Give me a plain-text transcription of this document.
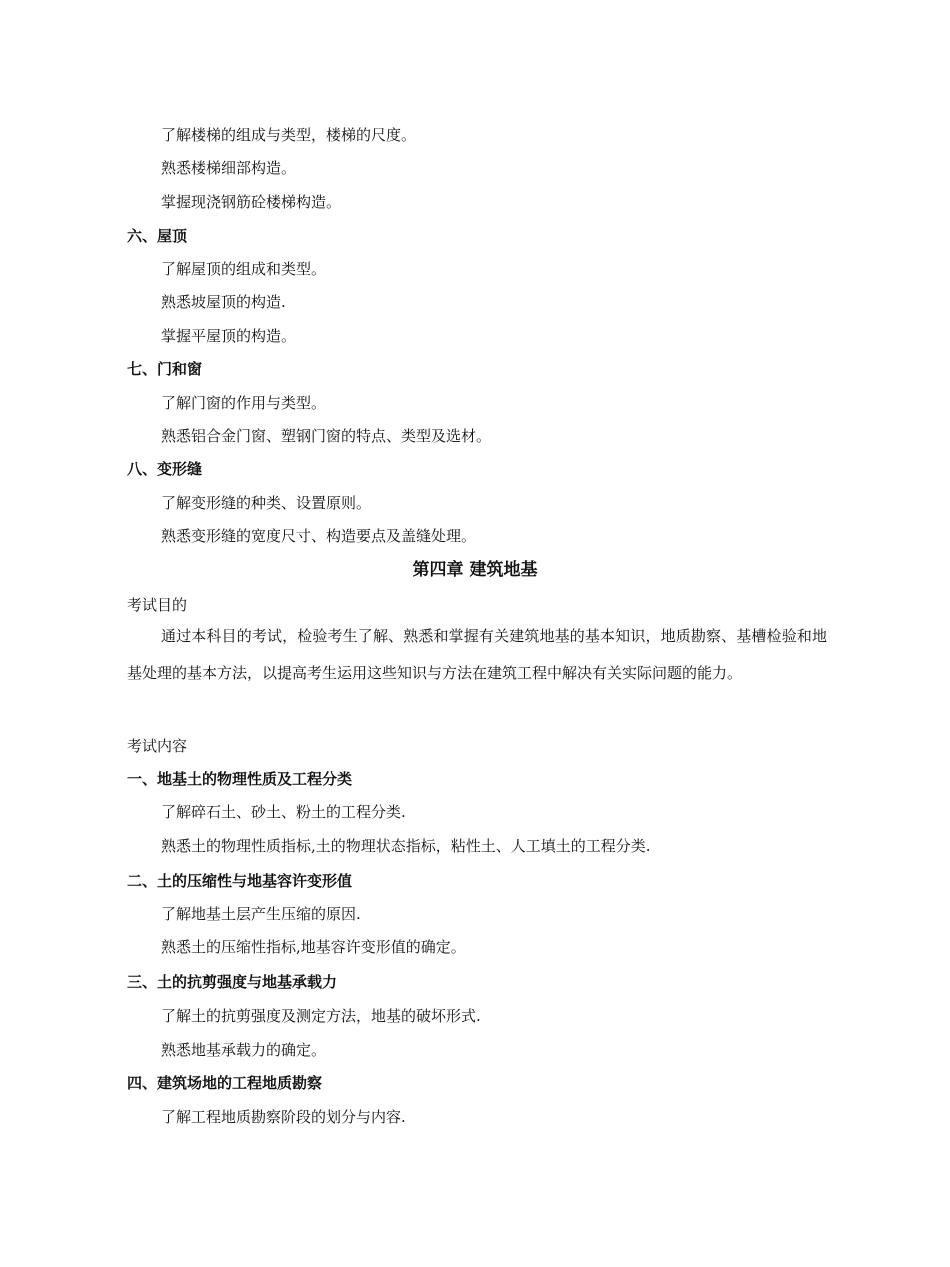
了解楼梯的组成与类型，楼梯的尺度。
熟悉楼梯细部构造。
掌握现浇钢筋砼楼梯构造。
六、屋顶
了解屋顶的组成和类型。
熟悉坡屋顶的构造.
掌握平屋顶的构造。
七、门和窗
了解门窗的作用与类型。
熟悉铝合金门窗、塑钢门窗的特点、类型及选材。
八、变形缝
了解变形缝的种类、设置原则。
熟悉变形缝的宽度尺寸、构造要点及盖缝处理。
第四章 建筑地基
考试目的
通过本科目的考试，检验考生了解、熟悉和掌握有关建筑地基的基本知识，地质勘察、基槽检验和地基处理的基本方法，以提高考生运用这些知识与方法在建筑工程中解决有关实际问题的能力。
考试内容
一、地基土的物理性质及工程分类
了解碎石土、砂土、粉土的工程分类.
熟悉土的物理性质指标,土的物理状态指标，粘性土、人工填土的工程分类.
二、土的压缩性与地基容许变形值
了解地基土层产生压缩的原因.
熟悉土的压缩性指标,地基容许变形值的确定。
三、土的抗剪强度与地基承载力
了解土的抗剪强度及测定方法，地基的破坏形式.
熟悉地基承载力的确定。
四、建筑场地的工程地质勘察
了解工程地质勘察阶段的划分与内容.
